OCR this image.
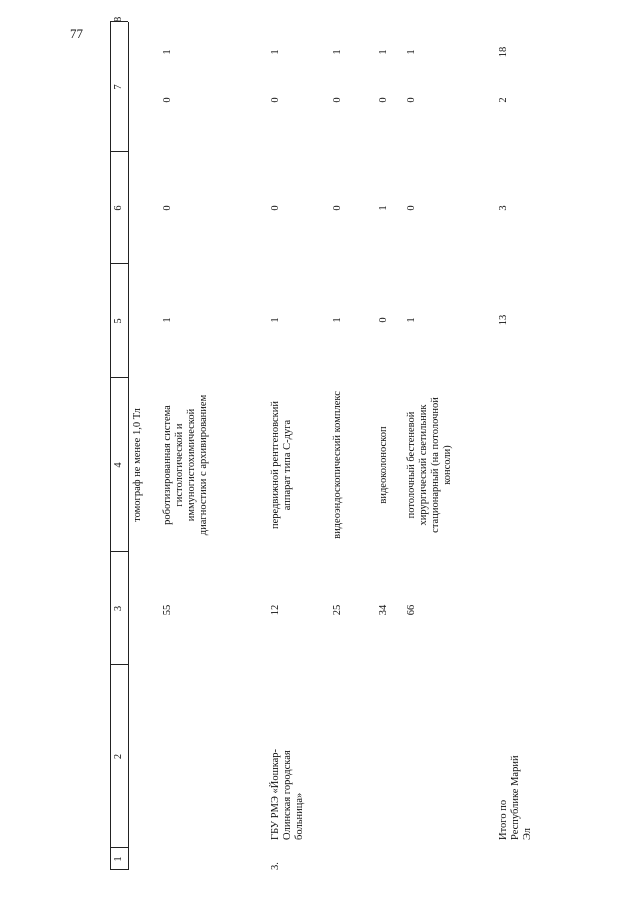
77
1
2
3
4
5
6
7
8
томограф не менее 1,0 Тл
55
роботизированная система гистологической и иммуногистохимической диагностики с архивированием
1
0
0
1
3.
ГБУ РМЭ «Йошкар-Олинская городская больница»
12
передвижной рентгеновский аппарат типа С-дуга
1
0
0
1
25
видеоэндоскопический комплекс
1
0
0
1
34
видеоколоноскоп
0
1
0
1
66
потолочный бестеневой хирургический светильник стационарный (на потолочной консоли)
1
0
0
1
Итого по Республике Марий Эл
13
3
2
18
